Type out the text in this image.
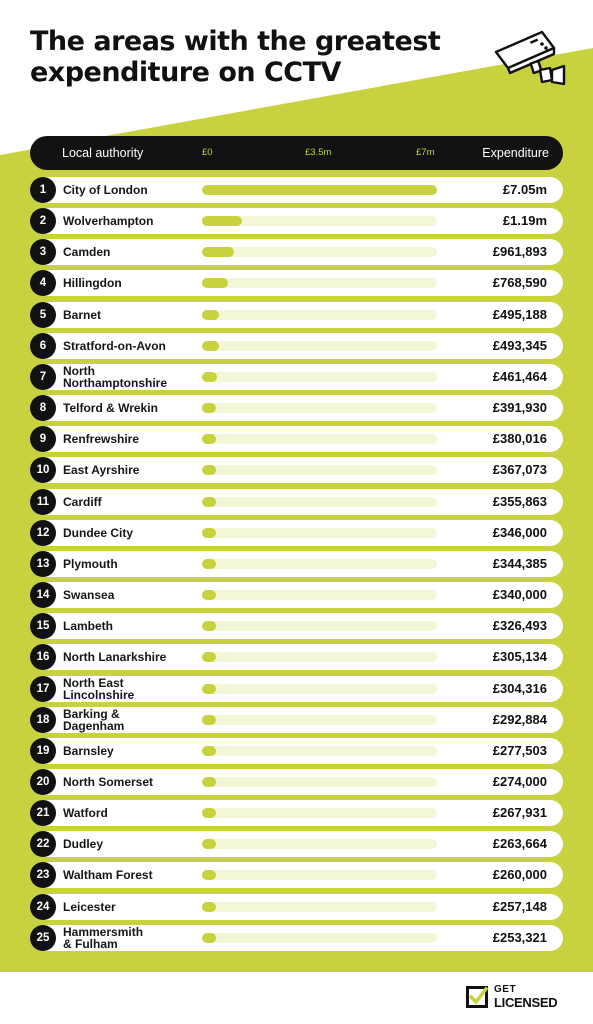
The areas with the greatest
expenditure on CCTV
Local authority	£0	£3.5m	£7m	Expenditure
1	City of London	£7.05m
2	Wolverhampton	£1.19m
3	Camden	£961,893
4	Hillingdon	£768,590
5	Barnet	£495,188
6	Stratford-on-Avon	£493,345
7	North
Northamptonshire	£461,464
8	Telford & Wrekin	£391,930
9	Renfrewshire	£380,016
10	East Ayrshire	£367,073
11	Cardiff	£355,863
12	Dundee City	£346,000
13	Plymouth	£344,385
14	Swansea	£340,000
15	Lambeth	£326,493
16	North Lanarkshire	£305,134
17	North East
Lincolnshire	£304,316
18	Barking &
Dagenham	£292,884
19	Barnsley	£277,503
20	North Somerset	£274,000
21	Watford	£267,931
22	Dudley	£263,664
23	Waltham Forest	£260,000
24	Leicester	£257,148
25	Hammersmith
& Fulham	£253,321
GET
LICENSED
